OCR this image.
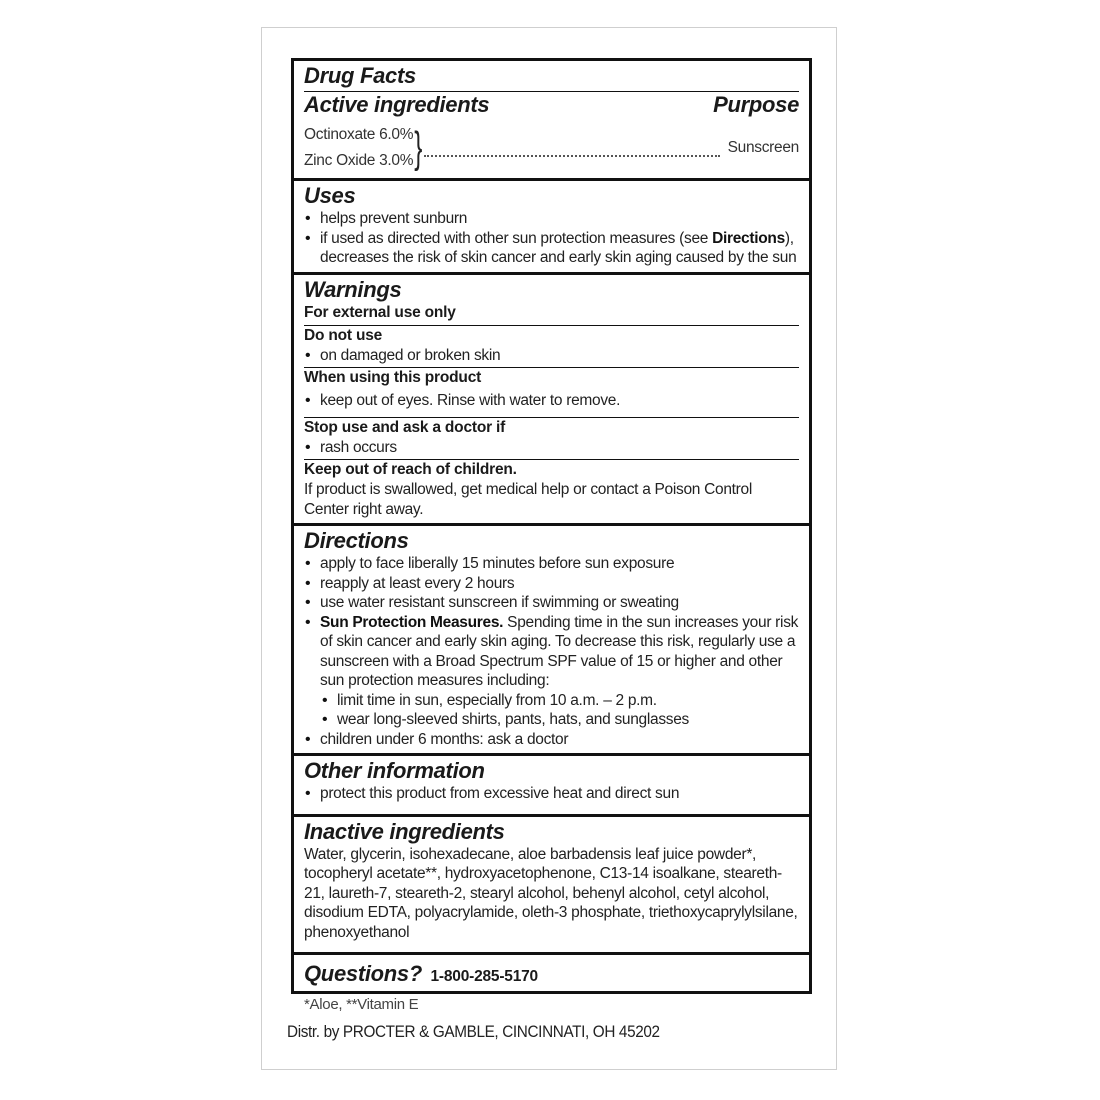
Drug Facts
Active ingredients	Purpose
Octinoxate 6.0%
Zinc Oxide 3.0% }	Sunscreen
Uses
• helps prevent sunburn
• if used as directed with other sun protection measures (see Directions), decreases the risk of skin cancer and early skin aging caused by the sun
Warnings
For external use only
Do not use
• on damaged or broken skin
When using this product
• keep out of eyes. Rinse with water to remove.
Stop use and ask a doctor if
• rash occurs
Keep out of reach of children.
If product is swallowed, get medical help or contact a Poison Control Center right away.
Directions
• apply to face liberally 15 minutes before sun exposure
• reapply at least every 2 hours
• use water resistant sunscreen if swimming or sweating
• Sun Protection Measures. Spending time in the sun increases your risk of skin cancer and early skin aging. To decrease this risk, regularly use a sunscreen with a Broad Spectrum SPF value of 15 or higher and other sun protection measures including:
• limit time in sun, especially from 10 a.m. – 2 p.m.
• wear long-sleeved shirts, pants, hats, and sunglasses
• children under 6 months: ask a doctor
Other information
• protect this product from excessive heat and direct sun
Inactive ingredients
Water, glycerin, isohexadecane, aloe barbadensis leaf juice powder*, tocopheryl acetate**, hydroxyacetophenone, C13-14 isoalkane, steareth-21, laureth-7, steareth-2, stearyl alcohol, behenyl alcohol, cetyl alcohol, disodium EDTA, polyacrylamide, oleth-3 phosphate, triethoxycaprylylsilane, phenoxyethanol
Questions? 1-800-285-5170
*Aloe, **Vitamin E
Distr. by PROCTER & GAMBLE, CINCINNATI, OH 45202
